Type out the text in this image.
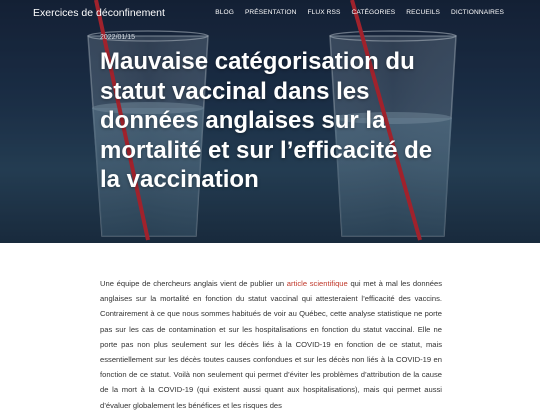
Exercices de déconfinement	BLOG PRÉSENTATION FLUX RSS CATÉGORIES RECUEILS DICTIONNAIRES
2022/01/15
Mauvaise catégorisation du statut vaccinal dans les données anglaises sur la mortalité et sur l’efficacité de la vaccination

Une équipe de chercheurs anglais vient de publier un article scientifique qui met à mal les données anglaises sur la mortalité en fonction du statut vaccinal qui attesteraient l’efficacité des vaccins. Contrairement à ce que nous sommes habitués de voir au Québec, cette analyse statistique ne porte pas sur les cas de contamination et sur les hospitalisations en fonction du statut vaccinal. Elle ne porte pas non plus seulement sur les décès liés à la COVID-19 en fonction de ce statut, mais essentiellement sur les décès toutes causes confondues et sur les décès non liés à la COVID-19 en fonction de ce statut. Voilà non seulement qui permet d’éviter les problèmes d’attribution de la cause de la mort à la COVID-19 (qui existent aussi quant aux hospitalisations), mais qui permet aussi d’évaluer globalement les bénéfices et les risques des
